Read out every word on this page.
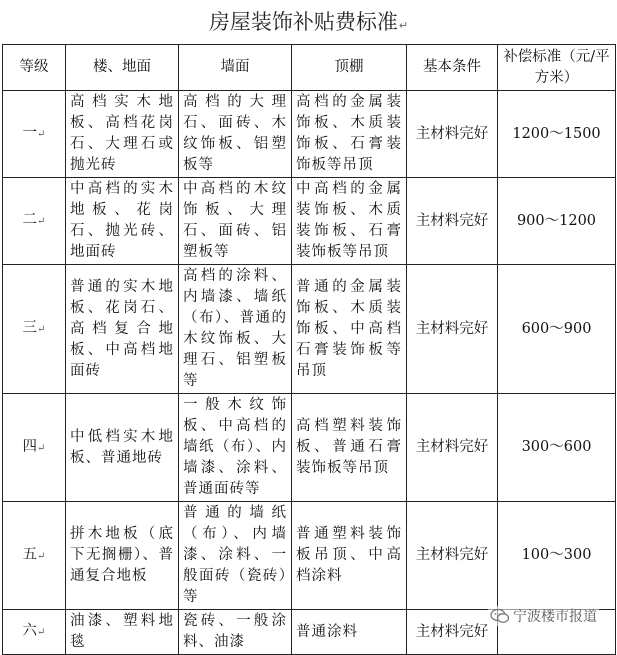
房屋装饰补贴费标准↵
等级	楼、地面	墙面	顶棚	基本条件	补偿标准（元/平方米）
一↵	高档实木地板、高档花岗石、大理石或抛光砖	高档的大理石、面砖、木纹饰板、铝塑板等	高档的金属装饰板、木质装饰板、石膏装饰板等吊顶	主材料完好	1200～1500
二↵	中高档的实木地板、花岗石、抛光砖、地面砖	中高档的木纹饰板、大理石、面砖、铝塑板等	中高档的金属装饰板、木质装饰板、石膏装饰板等吊顶	主材料完好	900～1200
三↵	普通的实木地板、花岗石、高档复合地板、中高档地面砖	高档的涂料、内墙漆、墙纸（布）、普通的木纹饰板、大理石、铝塑板等	普通的金属装饰板、木质装饰板、中高档石膏装饰板等吊顶	主材料完好	600～900
四↵	中低档实木地板、普通地砖	一般木纹饰板、中高档的墙纸（布）、内墙漆、涂料、普通面砖等	高档塑料装饰板、普通石膏装饰板等吊顶	主材料完好	300～600
五↵	拼木地板（底下无搁栅）、普通复合地板	普通的墙纸（布）、内墙漆、涂料、一般面砖（瓷砖）等	普通塑料装饰板吊顶、中高档涂料	主材料完好	100～300
六↵	油漆、塑料地毯	瓷砖、一般涂料、油漆	普通涂料	主材料完好	
宁波楼市报道
